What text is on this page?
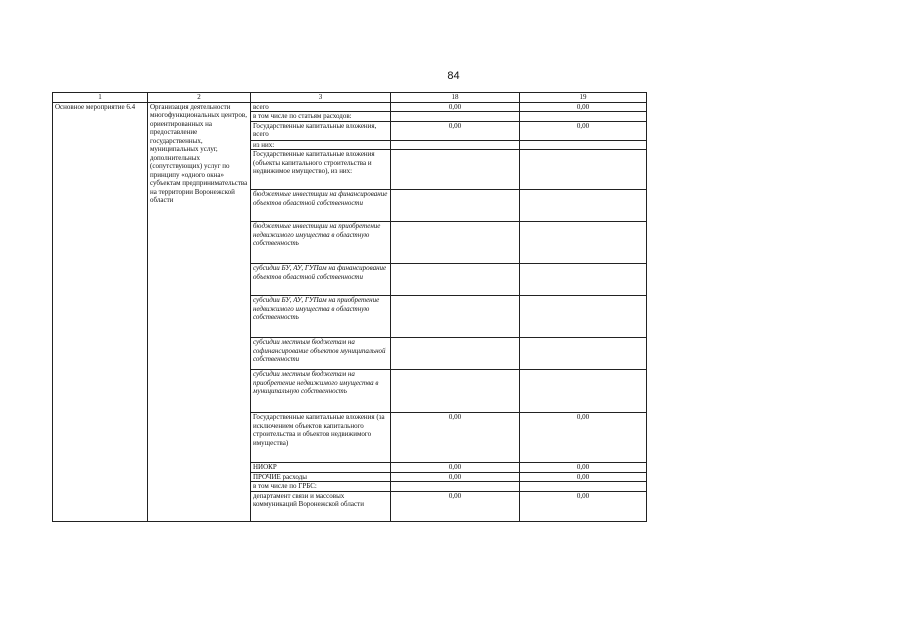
84
1	2	3	18	19
Основное мероприятие 6.4	Организация деятельности многофункциональных центров, ориентированных на предоставление государственных, муниципальных услуг, дополнительных (сопутствующих) услуг по принципу «одного окна» субъектам предпринимательства на территории Воронежской области	всего	0,00	0,00
		в том числе по статьям расходов:		
		Государственные капитальные вложения, всего	0,00	0,00
		из них:		
		Государственные капитальные вложения (объекты капитального строительства и недвижимое имущество), из них:		
		бюджетные инвестиции на финансирование объектов областной собственности		
		бюджетные инвестиции на приобретение недвижимого имущества в областную собственность		
		субсидии БУ, АУ, ГУПам на финансирование объектов областной собственности		
		субсидии БУ, АУ, ГУПам на приобретение недвижимого имущества в областную собственность		
		субсидии местным бюджетам на софинансирование объектов муниципальной собственности		
		субсидии местным бюджетам на приобретение недвижимого имущества в муниципальную собственность		
		Государственные капитальные вложения (за исключением объектов капитального строительства и объектов недвижимого имущества)	0,00	0,00
		НИОКР	0,00	0,00
		ПРОЧИЕ расходы	0,00	0,00
		в том числе по ГРБС:		
		департамент связи и массовых коммуникаций Воронежской области	0,00	0,00
